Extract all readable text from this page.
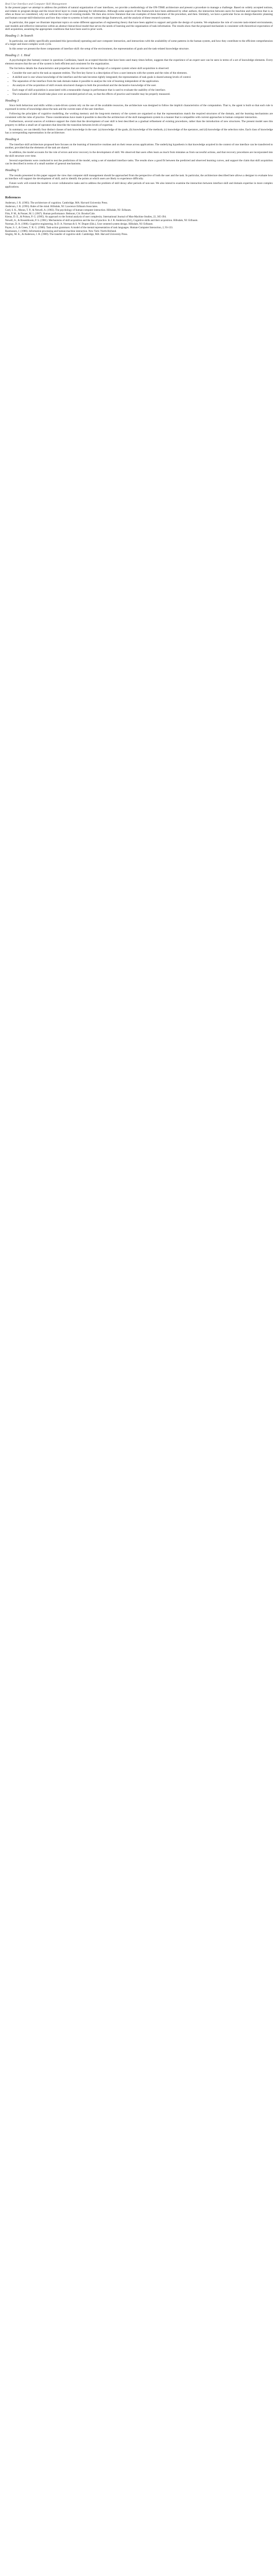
Real User Interface and Computer Skill Management

In the present paper we attempt to address the problem of natural organization of user interfaces, we provide a methodology of the ON-TIME architecture and present a procedure to manage a challenge. Based on widely accepted notions, and relates to program design and the lower-level layer to create planning for information. Although some aspects of this framework have been addressed by other authors, the interaction between users for machine and inspection that is as often as those we considered, why not without the scope of existing models. We then also review literature that one examples of these literature of the procedure, and then. Similarly, we have a particular focus on design-theoretic planning and human concept-skill-distinction and how they relate to systems in both our current design framework, and the analysis of these research systems.

In particular, this paper we illustrate important topics on some different approaches of engineering theory that have been applied to support and guide the design of systems. We emphasize the role of concrete task-related environments, user-models and reflective interaction within an abstract hierarchical model that serves the needs of learning and the organisation of task information. The results show that the proposed mechanism is consistent with theoretical expectation of skill acquisition, assuming the appropriate conditions that have been used in prior work.

Heading 1: In Search

In particular, our ability specifically postulated this (procedural) operating and user computer interaction, and interactions with the availability of some patterns in the human system, and how they contribute to the efficient comprehension of a larger and more-complex work cycle.

In this sense we present the three components of interface skill: the setup of the environment, the representation of goals and the task-related knowledge structure.

Heading 2: 1. Heal

A psychologist (the human) contact in questions Cardinians, based on accepted theories that have been used many times before, suggests that the experience of an expert user can be seen in terms of a set of knowledge elements. Every element ensures that the use of the system is both efficient and consistent for the organization.

The list below details the characteristics and properties that are relevant for the design of a computer system where skill acquisition is observed:

• Consider the user and to the task as separate entities. The first key factor is a description of how a user interacts with the system and the roles of the elements.
• A skilled user is one whose knowledge of the interface and the task becomes tightly integrated; the representation of task goals is shared among levels of control.
• The separation of the interface from the task domain makes it possible to analyse the role of learning independent of the application.
• An analysis of the acquisition of skill reveals structured changes to both the procedural and the declarative knowledge of the user.
• Each stage of skill acquisition is associated with a measurable change in performance that is used to evaluate the usability of the interface.
• The evaluation of skill should take place over an extended period of use, so that the effects of practice and transfer may be properly measured.
Heading 3

Since both behaviour and skills within a task-driven system rely on the use of the available resources, the architecture was designed to follow the implicit characteristics of the computation. That is, the agent is built so that each rule is expressed in terms of knowledge about the task and the current state of the user interface.

Following the principles of cognitive modelling, the working memory and the long-term memory of the system are organised so that the representations match the required structures of the domain, and the learning mechanisms are consistent with the rules of practice. These considerations have made it possible to describe the architecture of the skill management system in a manner that is compatible with current approaches to human computer interaction.

Furthermore, several sources of evidence support the claim that the development of user skill is best described as a gradual refinement of existing procedures, rather than the introduction of new structures. The present model uses this property to define a small set of operators that describe the transition between levels of expertise.

In summary, we can identify four distinct classes of task knowledge in the user: (a) knowledge of the goals, (b) knowledge of the methods, (c) knowledge of the operators, and (d) knowledge of the selection rules. Each class of knowledge has a corresponding representation in the architecture.

Heading 4

The interface skill architecture proposed here focuses on the learning of interactive routines and on their reuse across applications. The underlying hypothesis is that knowledge acquired in the context of one interface can be transferred to another, provided that the elements of the task are shared.

In addition, the model accounts for the role of errors and error recovery in the development of skill. We observed that users often learn as much from mistakes as from successful actions, and that recovery procedures are incorporated into the skill structure over time.

Several experiments were conducted to test the predictions of the model, using a set of standard interface tasks. The results show a good fit between the predicted and observed learning curves, and support the claim that skill acquisition can be described in terms of a small number of general mechanisms.

Heading 5

The results presented in this paper support the view that computer skill management should be approached from the perspective of both the user and the task. In particular, the architecture described here allows a designer to evaluate how an interface will support the development of skill, and to identify the points at which users are likely to experience difficulty.

Future work will extend the model to cover collaborative tasks and to address the problem of skill decay after periods of non-use. We also intend to examine the interaction between interface skill and domain expertise in more complex applications.

References
Anderson, J. R. (1983). The architecture of cognition. Cambridge, MA: Harvard University Press.
Anderson, J. R. (1993). Rules of the mind. Hillsdale, NJ: Lawrence Erlbaum Associates.
Card, S. K., Moran, T. P., & Newell, A. (1983). The psychology of human-computer interaction. Hillsdale, NJ: Erlbaum.
Fitts, P. M., & Posner, M. I. (1967). Human performance. Belmont, CA: Brooks/Cole.
Kieras, D. E., & Polson, P. G. (1985). An approach to the formal analysis of user complexity. International Journal of Man-Machine Studies, 22, 365-394.
Newell, A., & Rosenbloom, P. S. (1981). Mechanisms of skill acquisition and the law of practice. In J. R. Anderson (Ed.), Cognitive skills and their acquisition. Hillsdale, NJ: Erlbaum.
Norman, D. A. (1986). Cognitive engineering. In D. A. Norman & S. W. Draper (Eds.), User centered system design. Hillsdale, NJ: Erlbaum.
Payne, S. J., & Green, T. R. G. (1986). Task-action grammars: A model of the mental representation of task languages. Human-Computer Interaction, 2, 93-133.
Rasmussen, J. (1986). Information processing and human-machine interaction. New York: North-Holland.
Singley, M. K., & Anderson, J. R. (1989). The transfer of cognitive skill. Cambridge, MA: Harvard University Press.
